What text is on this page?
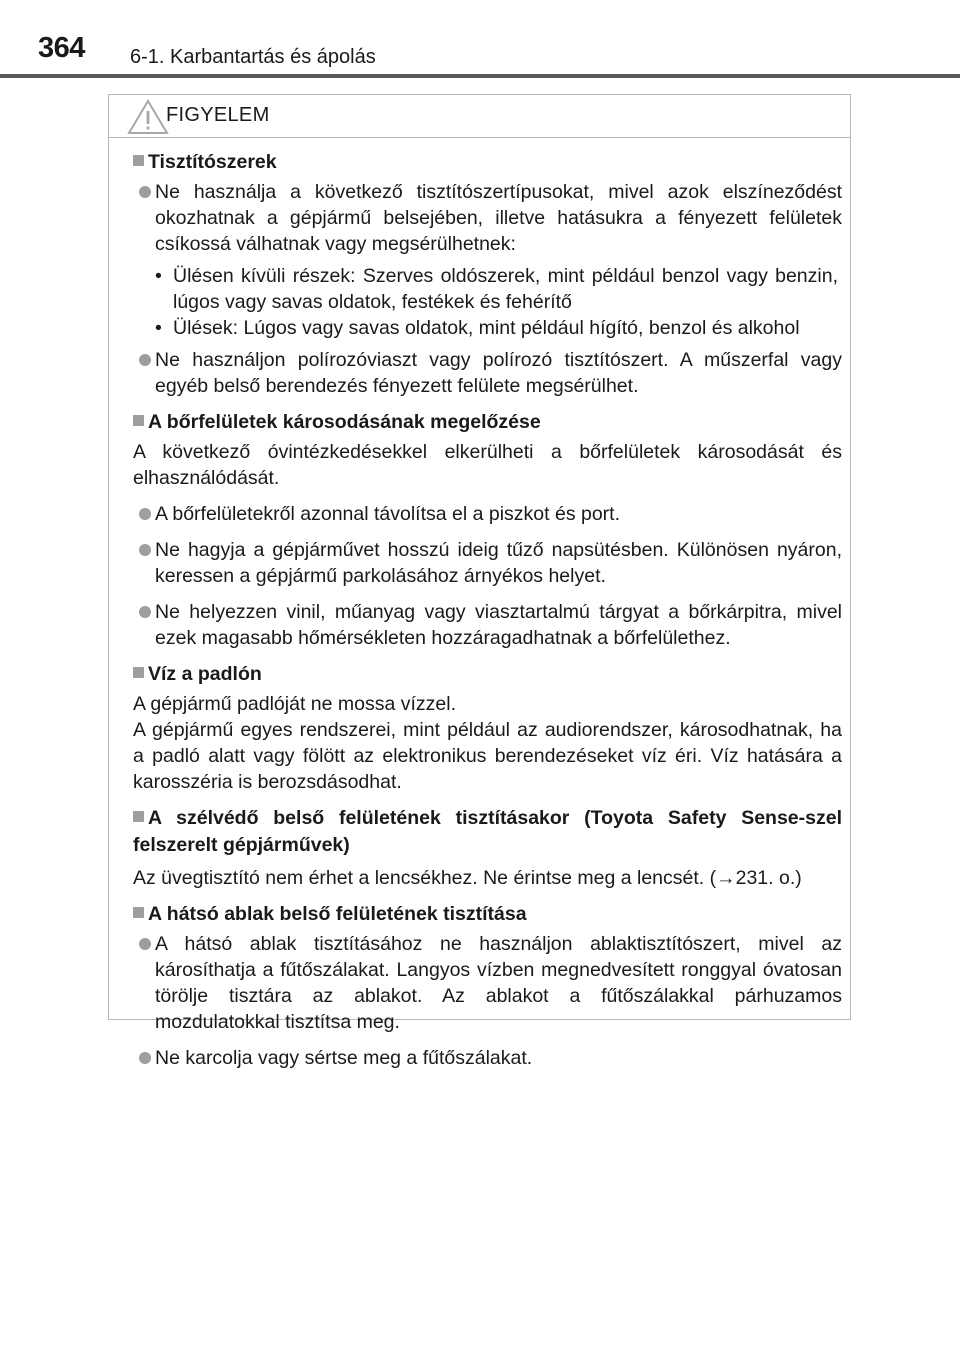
364 6-1. Karbantartás és ápolás
FIGYELEM
Tisztítószerek
Ne használja a következő tisztítószertípusokat, mivel azok elszíneződést okozhatnak a gépjármű belsejében, illetve hatásukra a fényezett felületek csíkossá válhatnak vagy megsérülhetnek:
• Ülésen kívüli részek: Szerves oldószerek, mint például benzol vagy benzin, lúgos vagy savas oldatok, festékek és fehérítő
• Ülések: Lúgos vagy savas oldatok, mint például hígító, benzol és alkohol
Ne használjon polírozóviaszt vagy polírozó tisztítószert. A műszerfal vagy egyéb belső berendezés fényezett felülete megsérülhet.
A bőrfelületek károsodásának megelőzése
A következő óvintézkedésekkel elkerülheti a bőrfelületek károsodását és elhasználódását.
A bőrfelületekről azonnal távolítsa el a piszkot és port.
Ne hagyja a gépjárművet hosszú ideig tűző napsütésben. Különösen nyáron, keressen a gépjármű parkolásához árnyékos helyet.
Ne helyezzen vinil, műanyag vagy viasztartalmú tárgyat a bőrkárpitra, mivel ezek magasabb hőmérsékleten hozzáragadhatnak a bőrfelülethez.
Víz a padlón
A gépjármű padlóját ne mossa vízzel.
A gépjármű egyes rendszerei, mint például az audiorendszer, károsodhatnak, ha a padló alatt vagy fölött az elektronikus berendezéseket víz éri. Víz hatására a karosszéria is berozsdásodhat.
A szélvédő belső felületének tisztításakor (Toyota Safety Sense-szel felszerelt gépjárművek)
Az üvegtisztító nem érhet a lencsékhez. Ne érintse meg a lencsét. (→231. o.)
A hátsó ablak belső felületének tisztítása
A hátsó ablak tisztításához ne használjon ablaktisztítószert, mivel az károsíthatja a fűtőszálakat. Langyos vízben megnedvesített ronggyal óvatosan törölje tisztára az ablakot. Az ablakot a fűtőszálakkal párhuzamos mozdulatokkal tisztítsa meg.
Ne karcolja vagy sértse meg a fűtőszálakat.
